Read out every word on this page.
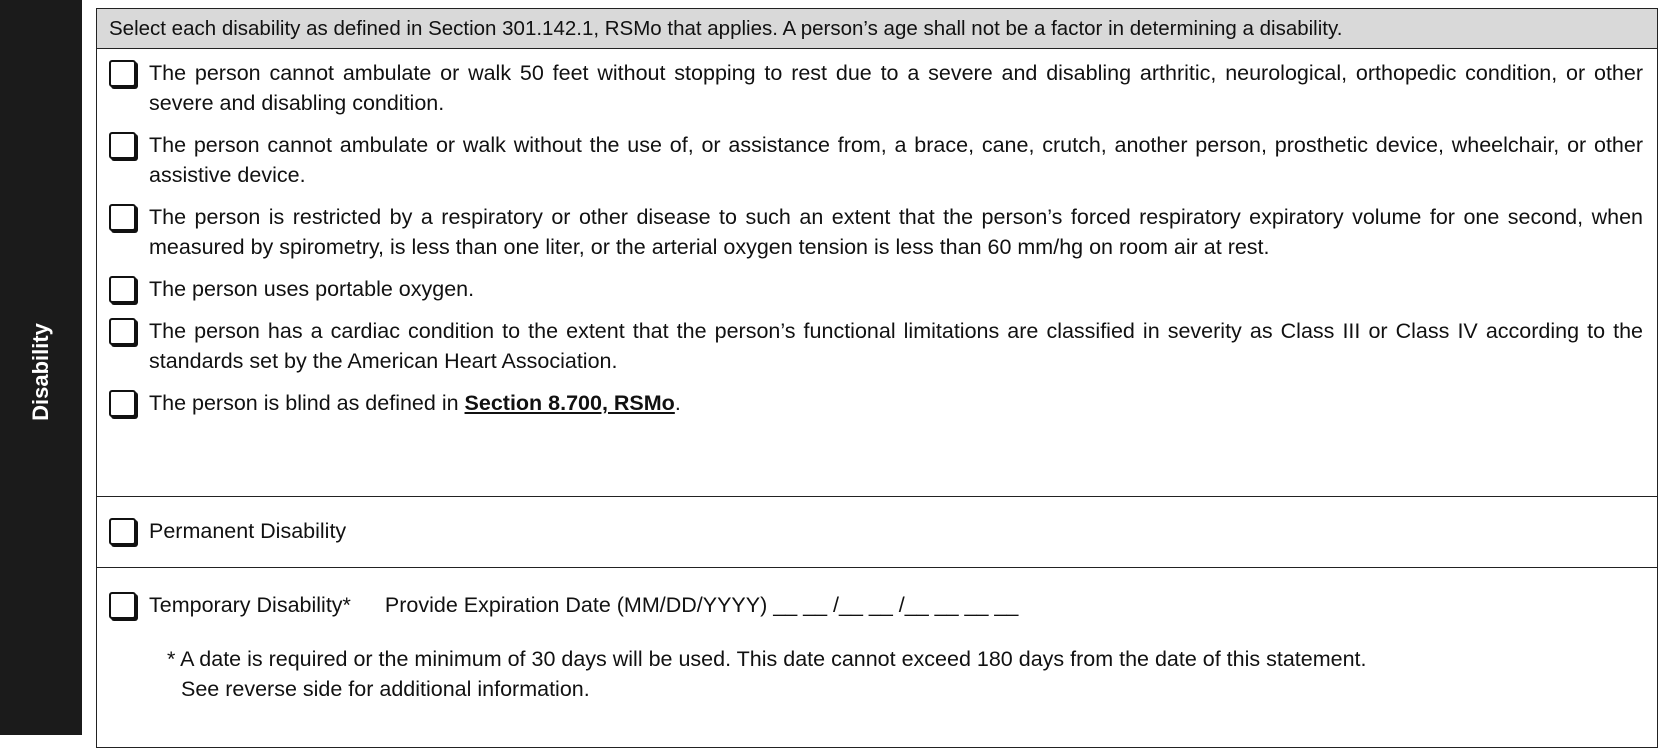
Disability
Select each disability as defined in Section 301.142.1, RSMo that applies. A person’s age shall not be a factor in determining a disability.
The person cannot ambulate or walk 50 feet without stopping to rest due to a severe and disabling arthritic, neurological, orthopedic condition, or other severe and disabling condition.
The person cannot ambulate or walk without the use of, or assistance from, a brace, cane, crutch, another person, prosthetic device, wheelchair, or other assistive device.
The person is restricted by a respiratory or other disease to such an extent that the person’s forced respiratory expiratory volume for one second, when measured by spirometry, is less than one liter, or the arterial oxygen tension is less than 60 mm/hg on room air at rest.
The person uses portable oxygen.
The person has a cardiac condition to the extent that the person’s functional limitations are classified in severity as Class III or Class IV according to the standards set by the American Heart Association.
The person is blind as defined in Section 8.700, RSMo.
Permanent Disability
Temporary Disability* Provide Expiration Date (MM/DD/YYYY) __ __ /__ __ /__ __ __ __
* A date is required or the minimum of 30 days will be used. This date cannot exceed 180 days from the date of this statement.
See reverse side for additional information.
